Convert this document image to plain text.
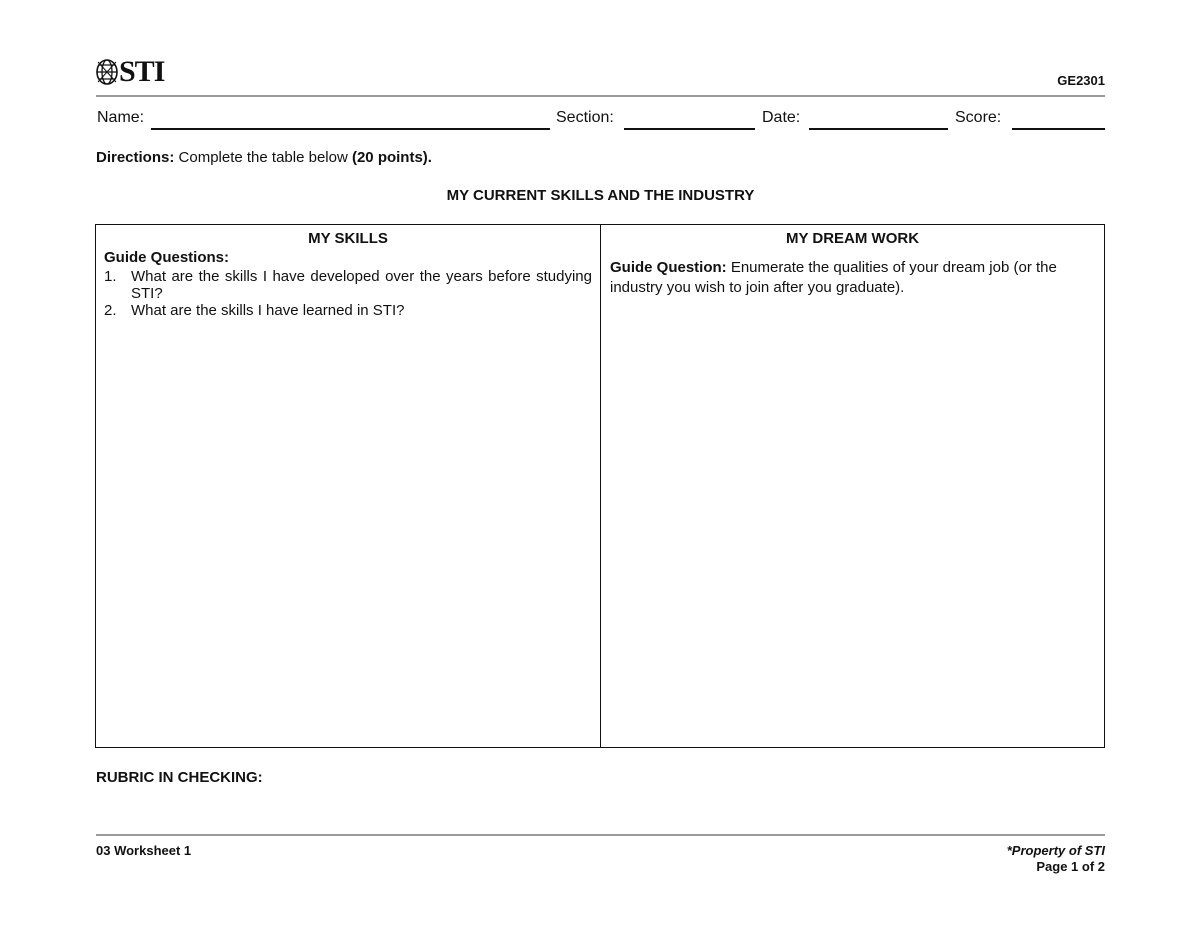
STI	GE2301
Name:	Section:	Date:	Score:
Directions: Complete the table below (20 points).
MY CURRENT SKILLS AND THE INDUSTRY
MY SKILLS
Guide Questions:
1. What are the skills I have developed over the years before studying STI?
2. What are the skills I have learned in STI?
MY DREAM WORK
Guide Question: Enumerate the qualities of your dream job (or the industry you wish to join after you graduate).
RUBRIC IN CHECKING:
03 Worksheet 1	*Property of STI
Page 1 of 2
